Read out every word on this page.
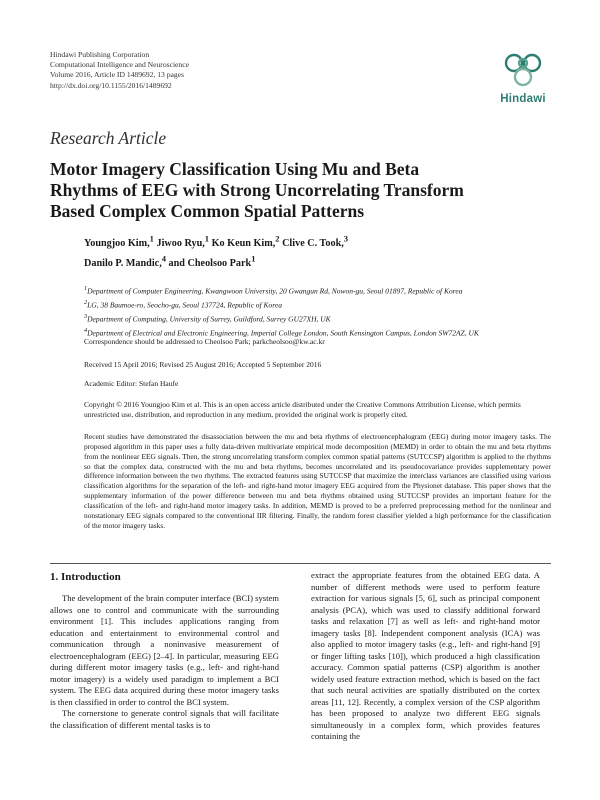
Hindawi Publishing Corporation
Computational Intelligence and Neuroscience
Volume 2016, Article ID 1489692, 13 pages
http://dx.doi.org/10.1155/2016/1489692
Hindawi
Research Article
Motor Imagery Classification Using Mu and Beta Rhythms of EEG with Strong Uncorrelating Transform Based Complex Common Spatial Patterns
Youngjoo Kim,$^1$ Jiwoo Ryu,$^1$ Ko Keun Kim,$^2$ Clive C. Took,$^3$
Danilo P. Mandic,$^4$ and Cheolsoo Park$^1$
$^1$Department of Computer Engineering, Kwangwoon University, 20 Gwangun Rd, Nowon-gu, Seoul 01897, Republic of Korea
$^2$LG, 38 Baumoe-ro, Seocho-gu, Seoul 137724, Republic of Korea
$^3$Department of Computing, University of Surrey, Guildford, Surrey GU27XH, UK
$^4$Department of Electrical and Electronic Engineering, Imperial College London, South Kensington Campus, London SW72AZ, UK
Correspondence should be addressed to Cheolsoo Park; parkcheolsoo@kw.ac.kr
Received 15 April 2016; Revised 25 August 2016; Accepted 5 September 2016
Academic Editor: Stefan Haufe
Copyright © 2016 Youngjoo Kim et al. This is an open access article distributed under the Creative Commons Attribution License, which permits unrestricted use, distribution, and reproduction in any medium, provided the original work is properly cited.
Recent studies have demonstrated the disassociation between the mu and beta rhythms of electroencephalogram (EEG) during motor imagery tasks. The proposed algorithm in this paper uses a fully data-driven multivariate empirical mode decomposition (MEMD) in order to obtain the mu and beta rhythms from the nonlinear EEG signals. Then, the strong uncorrelating transform complex common spatial patterns (SUTCCSP) algorithm is applied to the rhythms so that the complex data, constructed with the mu and beta rhythms, becomes uncorrelated and its pseudocovariance provides supplementary power difference information between the two rhythms. The extracted features using SUTCCSP that maximize the interclass variances are classified using various classification algorithms for the separation of the left- and right-hand motor imagery EEG acquired from the Physionet database. This paper shows that the supplementary information of the power difference between mu and beta rhythms obtained using SUTCCSP provides an important feature for the classification of the left- and right-hand motor imagery tasks. In addition, MEMD is proved to be a preferred preprocessing method for the nonlinear and nonstationary EEG signals compared to the conventional IIR filtering. Finally, the random forest classifier yielded a high performance for the classification of the motor imagery tasks.
1. Introduction

The development of the brain computer interface (BCI) system allows one to control and communicate with the surrounding environment [1]. This includes applications ranging from education and entertainment to environmental control and communication through a noninvasive measurement of electroencephalogram (EEG) [2–4]. In particular, measuring EEG during different motor imagery tasks (e.g., left- and right-hand motor imagery) is a widely used paradigm to implement a BCI system. The EEG data acquired during these motor imagery tasks is then classified in order to control the BCI system.

The cornerstone to generate control signals that will facilitate the classification of different mental tasks is to

extract the appropriate features from the obtained EEG data. A number of different methods were used to perform feature extraction for various signals [5, 6], such as principal component analysis (PCA), which was used to classify additional forward tasks and relaxation [7] as well as left- and right-hand motor imagery tasks [8]. Independent component analysis (ICA) was also applied to motor imagery tasks (e.g., left- and right-hand [9] or finger lifting tasks [10]), which produced a high classification accuracy. Common spatial patterns (CSP) algorithm is another widely used feature extraction method, which is based on the fact that such neural activities are spatially distributed on the cortex areas [11, 12]. Recently, a complex version of the CSP algorithm has been proposed to analyze two different EEG signals simultaneously in a complex form, which provides features containing the
